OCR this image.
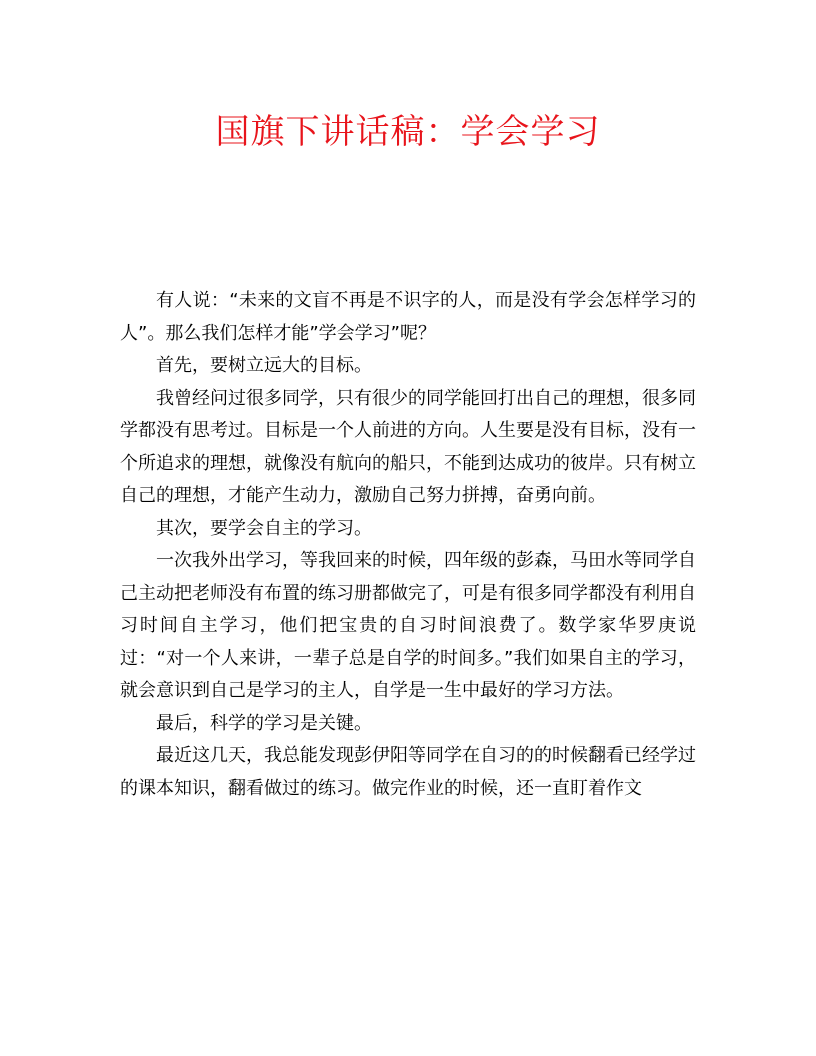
国旗下讲话稿：学会学习

有人说：“未来的文盲不再是不识字的人，而是没有学会怎样学习的人”。那么我们怎样才能”学会学习”呢？

首先，要树立远大的目标。

我曾经问过很多同学，只有很少的同学能回打出自己的理想，很多同学都没有思考过。目标是一个人前进的方向。人生要是没有目标，没有一个所追求的理想，就像没有航向的船只，不能到达成功的彼岸。只有树立自己的理想，才能产生动力，激励自己努力拼搏，奋勇向前。

其次，要学会自主的学习。

一次我外出学习，等我回来的时候，四年级的彭森，马田水等同学自己主动把老师没有布置的练习册都做完了，可是有很多同学都没有利用自习时间自主学习，他们把宝贵的自习时间浪费了。数学家华罗庚说过：“对一个人来讲，一辈子总是自学的时间多。”我们如果自主的学习，就会意识到自己是学习的主人，自学是一生中最好的学习方法。

最后，科学的学习是关键。

最近这几天，我总能发现彭伊阳等同学在自习的的时候翻看已经学过的课本知识，翻看做过的练习。做完作业的时候，还一直盯着作文
